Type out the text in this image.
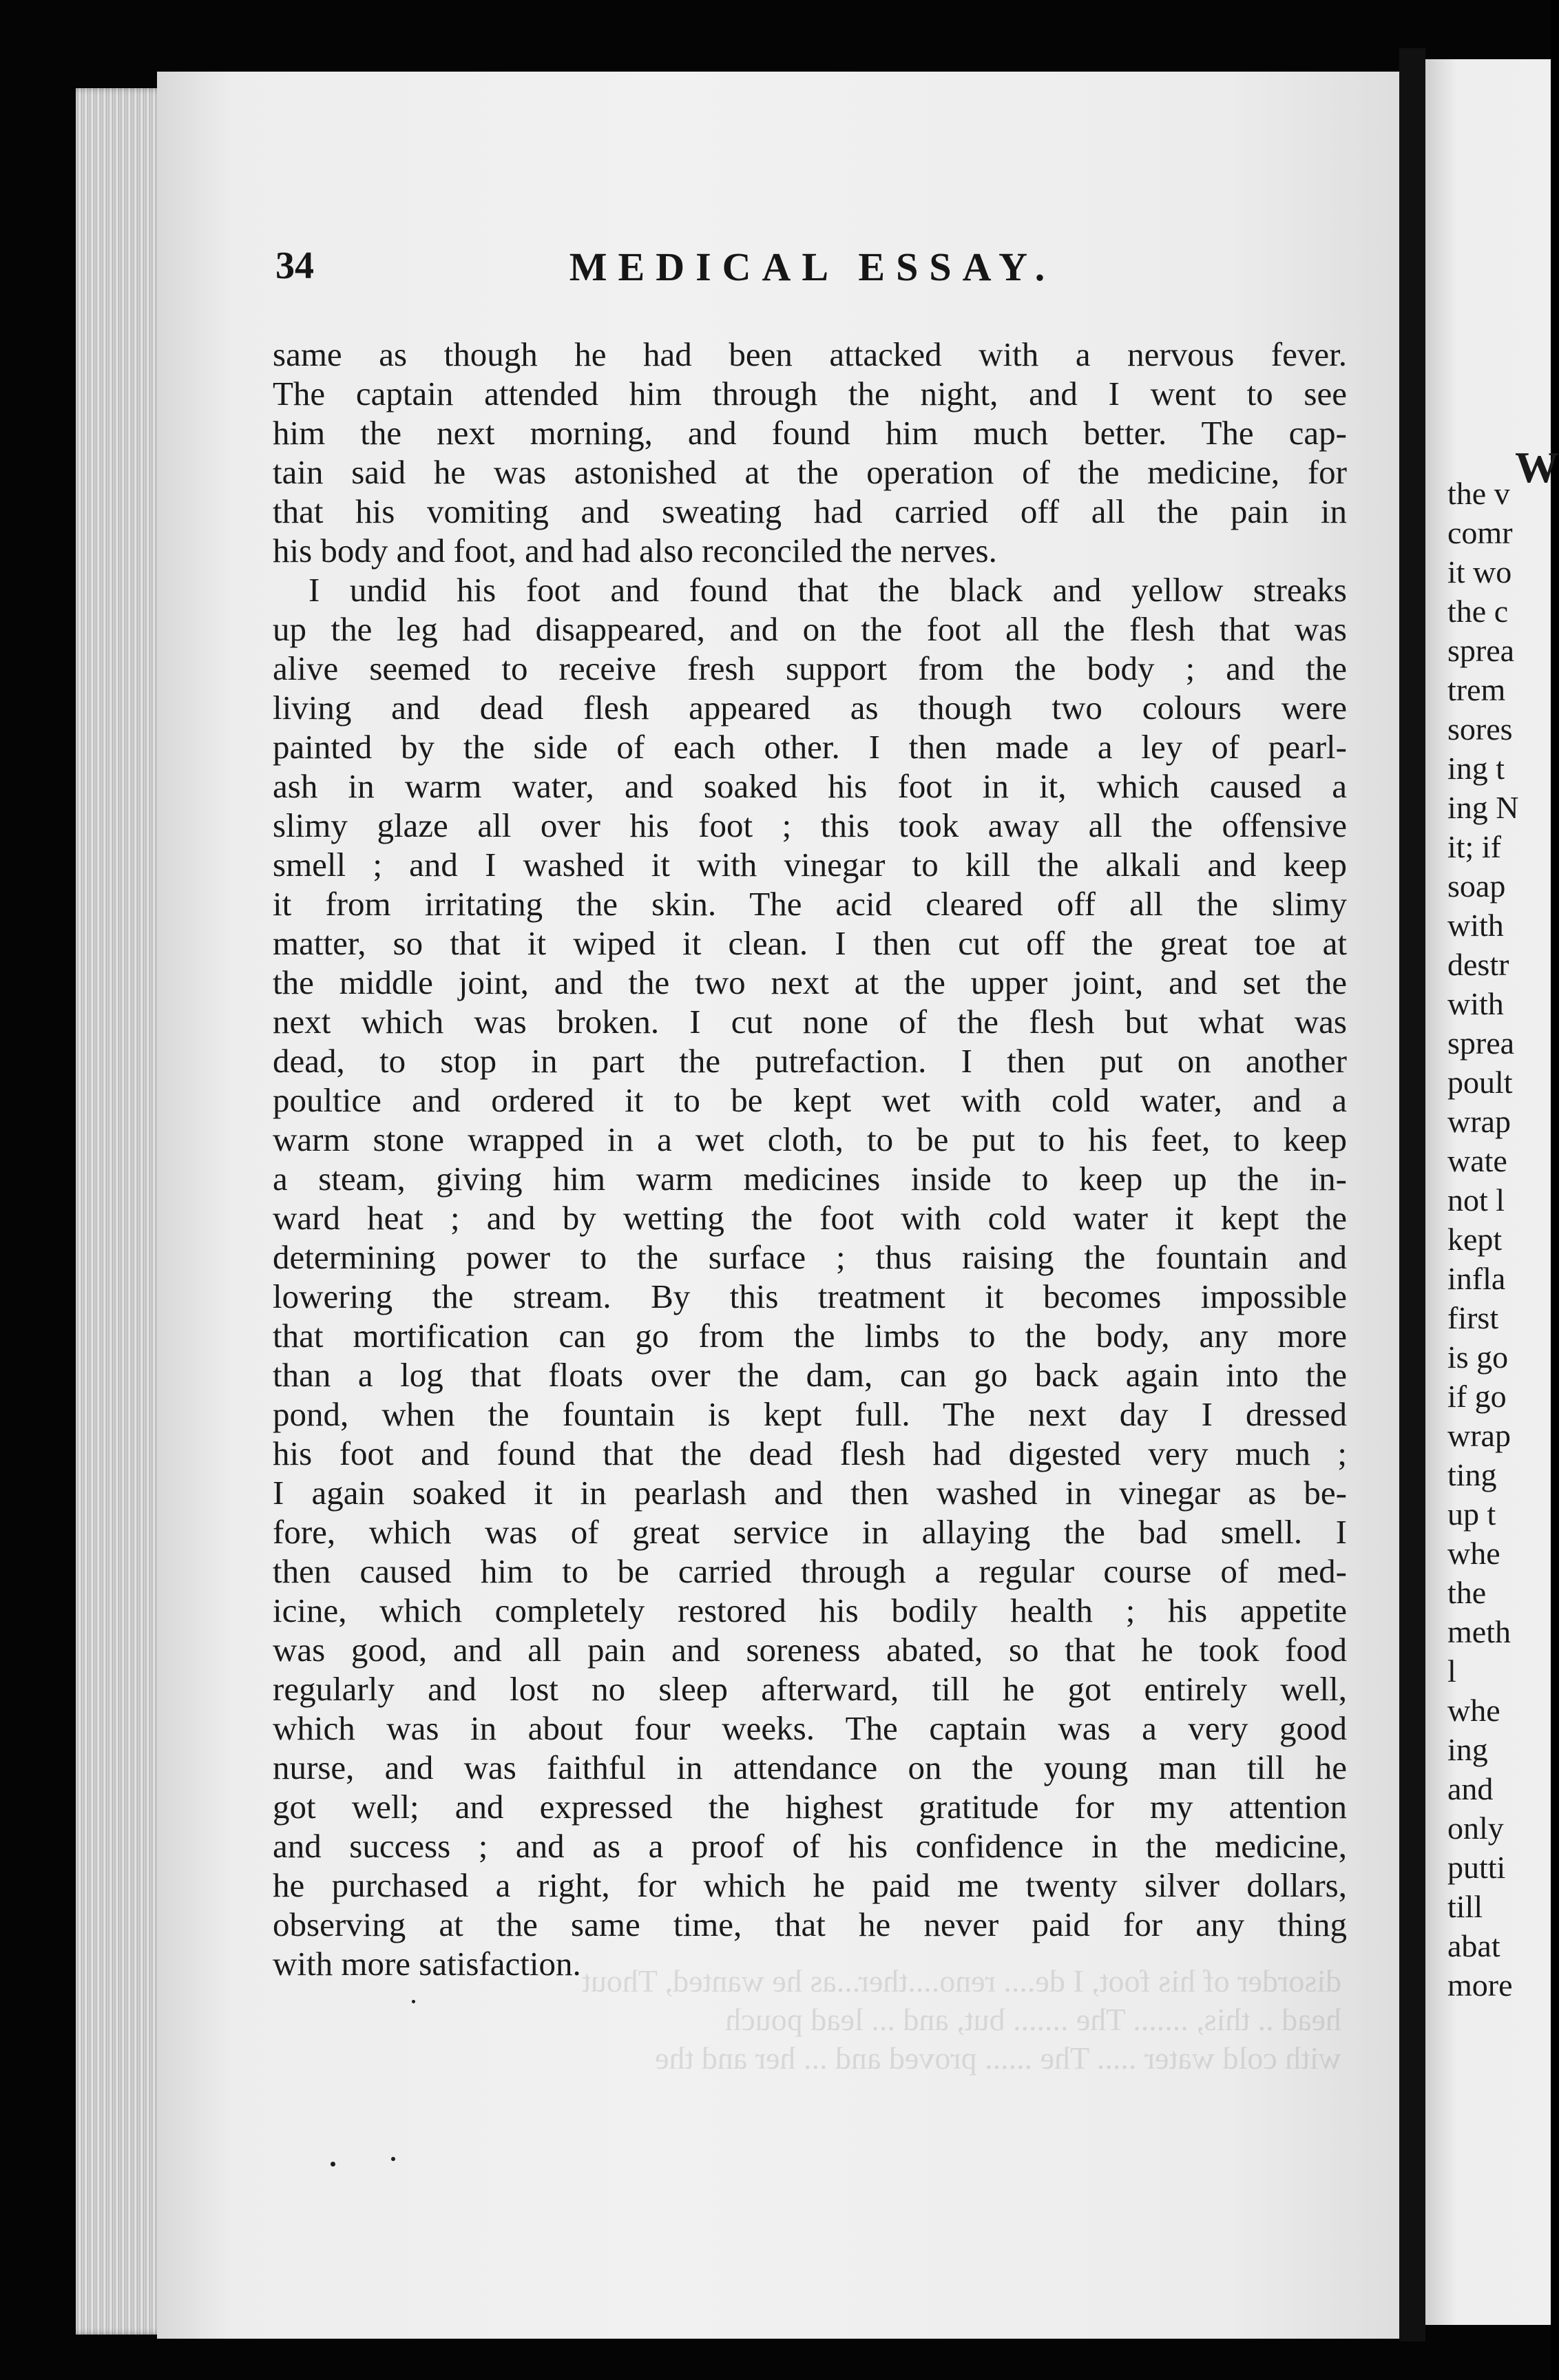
34	MEDICAL ESSAY.
same as though he had been attacked with a nervous fever.
The captain attended him through the night, and I went to see
him the next morning, and found him much better. The cap-
tain said he was astonished at the operation of the medicine, for
that his vomiting and sweating had carried off all the pain in
his body and foot, and had also reconciled the nerves.
I undid his foot and found that the black and yellow streaks
up the leg had disappeared, and on the foot all the flesh that was
alive seemed to receive fresh support from the body ; and the
living and dead flesh appeared as though two colours were
painted by the side of each other. I then made a ley of pearl-
ash in warm water, and soaked his foot in it, which caused a
slimy glaze all over his foot ; this took away all the offensive
smell ; and I washed it with vinegar to kill the alkali and keep
it from irritating the skin. The acid cleared off all the slimy
matter, so that it wiped it clean. I then cut off the great toe at
the middle joint, and the two next at the upper joint, and set the
next which was broken. I cut none of the flesh but what was
dead, to stop in part the putrefaction. I then put on another
poultice and ordered it to be kept wet with cold water, and a
warm stone wrapped in a wet cloth, to be put to his feet, to keep
a steam, giving him warm medicines inside to keep up the in-
ward heat ; and by wetting the foot with cold water it kept the
determining power to the surface ; thus raising the fountain and
lowering the stream. By this treatment it becomes impossible
that mortification can go from the limbs to the body, any more
than a log that floats over the dam, can go back again into the
pond, when the fountain is kept full. The next day I dressed
his foot and found that the dead flesh had digested very much ;
I again soaked it in pearlash and then washed in vinegar as be-
fore, which was of great service in allaying the bad smell. I
then caused him to be carried through a regular course of med-
icine, which completely restored his bodily health ; his appetite
was good, and all pain and soreness abated, so that he took food
regularly and lost no sleep afterward, till he got entirely well,
which was in about four weeks. The captain was a very good
nurse, and was faithful in attendance on the young man till he
got well; and expressed the highest gratitude for my attention
and success ; and as a proof of his confidence in the medicine,
he purchased a right, for which he paid me twenty silver dollars,
observing at the same time, that he never paid for any thing
with more satisfaction. disorder of his foot, I de.... reno....ther...as he wanted, Thout
head .. this, ....... The ....... but, and ... lead pouch
with cold water ..... The ...... proved and ... her and the
the v
comr
it wo
the c
sprea
trem
sores
ing t
ing N
it; if
soap
with
destr
with
sprea
poult
wrap
wate
not l
kept
infla
first
is go
if go
wrap
ting
up t
whe
the
meth
l
whe
ing
and
only
putti
till
abat
more
W
